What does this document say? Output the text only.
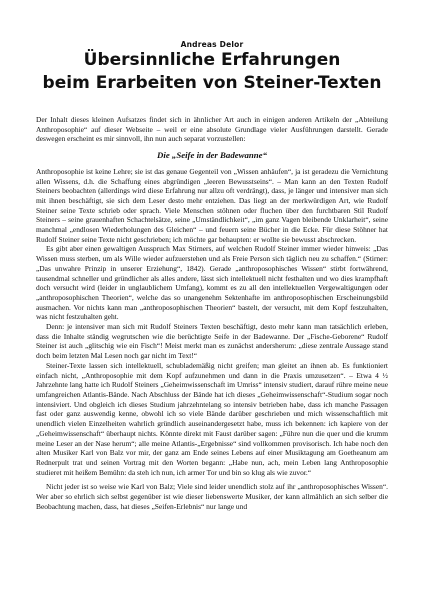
Andreas Delor
Übersinnliche Erfahrungen
beim Erarbeiten von Steiner-Texten

Der Inhalt dieses kleinen Aufsatzes findet sich in ähnlicher Art auch in einigen anderen Artikeln der „Abteilung Anthroposophie“ auf dieser Webseite – weil er eine absolute Grundlage vieler Ausführungen darstellt. Gerade deswegen erscheint es mir sinnvoll, ihn nun auch separat vorzustellen:

Die „Seife in der Badewanne“

Anthroposophie ist keine Lehre; sie ist das genaue Gegenteil von „Wissen anhäufen“, ja ist geradezu die Vernichtung allen Wissens, d.h. die Schaffung eines abgründigen „leeren Bewusstseins“. – Man kann an den Texten Rudolf Steiners beobachten (allerdings wird diese Erfahrung nur allzu oft verdrängt), dass, je länger und intensiver man sich mit ihnen beschäftigt, sie sich dem Leser desto mehr entziehen. Das liegt an der merkwürdigen Art, wie Rudolf Steiner seine Texte schrieb oder sprach. Viele Menschen stöhnen oder fluchen über den furchtbaren Stil Rudolf Steiners – seine grauenhaften Schachtelsätze, seine „Umständlichkeit“, „im ganz Vagen bleibende Unklarheit“, seine manchmal „endlosen Wiederholungen des Gleichen“ – und feuern seine Bücher in die Ecke. Für diese Stöhner hat Rudolf Steiner seine Texte nicht geschrieben; ich möchte gar behaupten: er wollte sie bewusst abschrecken.

Es gibt aber einen gewaltigen Ausspruch Max Stirners, auf welchen Rudolf Steiner immer wieder hinweis: „Das Wissen muss sterben, um als Wille wieder aufzuerstehen und als Freie Person sich täglich neu zu schaffen.“ (Stirner: „Das unwahre Prinzip in unserer Erziehung“, 1842). Gerade „anthroposophisches Wissen“ stirbt fortwährend, tausendmal schneller und gründlicher als alles andere, lässt sich intellektuell nicht festhalten und wo dies krampfhaft doch versucht wird (leider in unglaublichem Umfang), kommt es zu all den intellektuellen Vergewaltigungen oder „anthroposophischen Theorien“, welche das so unangenehm Sektenhafte im anthroposophischen Erscheinungsbild ausmachen. Vor nichts kann man „anthroposophischen Theorien“ bastelt, der versucht, mit dem Kopf festzuhalten, was nicht festzuhalten geht.

Denn: je intensiver man sich mit Rudolf Steiners Texten beschäftigt, desto mehr kann man tatsächlich erleben, dass die Inhalte ständig wegrutschen wie die berüchtigte Seife in der Badewanne. Der „Fische-Geborene“ Rudolf Steiner ist auch „glitschig wie ein Fisch“! Meist merkt man es zunächst andersherum: „diese zentrale Aussage stand doch beim letzten Mal Lesen noch gar nicht im Text!“

Steiner-Texte lassen sich intellektuell, schublademäßig nicht greifen; man gleitet an ihnen ab. Es funktioniert einfach nicht, „Anthroposophie mit dem Kopf aufzunehmen und dann in die Praxis umzusetzen“. – Etwa 4 ½ Jahrzehnte lang hatte ich Rudolf Steiners „Geheimwissenschaft im Umriss“ intensiv studiert, darauf rühre meine neue umfangreichen Atlantis-Bände. Nach Abschluss der Bände hat ich dieses „Geheimwissenschaft“-Studium sogar noch intensiviert. Und obgleich ich dieses Studium jahrzehntelang so intensiv betrieben habe, dass ich manche Passagen fast oder ganz auswendig kenne, obwohl ich so viele Bände darüber geschrieben und mich wissenschaftlich mit unendlich vielen Einzelheiten wahrlich gründlich auseinandergesetzt habe, muss ich bekennen: ich kapiere von der „Geheimwissenschaft“ überhaupt nichts. Könnte direkt mit Faust darüber sagen: „Führe nun die quer und die krumm meine Leser an der Nase herum“; alle meine Atlantis-„Ergebnisse“ sind vollkommen provisorisch. Ich habe noch den alten Musiker Karl von Balz vor mir, der ganz am Ende seines Lebens auf einer Musiktagung am Goetheanum am Rednerpult trat und seinen Vortrag mit den Worten begann: „Habe nun, ach, mein Leben lang Anthroposophie studieret mit heißem Bemühn: da steh ich nun, ich armer Tor und bin so klug als wie zuvor.“

Nicht jeder ist so weise wie Karl von Balz; Viele sind leider unendlich stolz auf ihr „anthroposophisches Wissen“. Wer aber so ehrlich sich selbst gegenüber ist wie dieser liebenswerte Musiker, der kann allmählich an sich selber die Beobachtung machen, dass, hat dieses „Seifen-Erlebnis“ nur lange und
